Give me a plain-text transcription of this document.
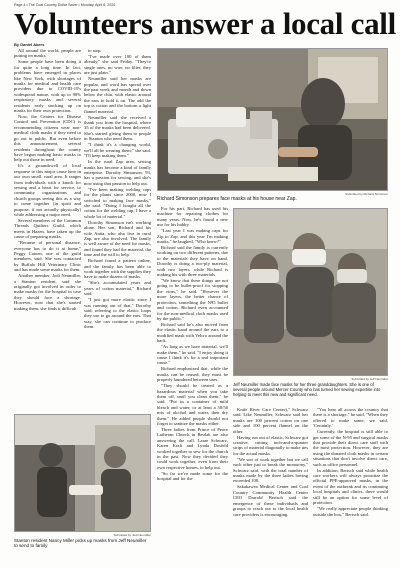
Page 4 • The Coal Country Dollar Saver • Monday, April 6, 2020
Volunteers answer a local call
By Daniel Akers

All around the world, people are putting on masks.

Some people have been doing it for quite a long time. In fact, problems have emerged in places like New York, with shortages of masks for medical and health care providers due to COVID-19's widespread nature, with up to 90% respiratory masks and several residents early stocking up on masks for their own protection.

Now, the Centers for Disease Control and Prevention (CDC) is recommending citizens wear non-medical cloth masks if they need to go out in public. But even before this announcement, several residents throughout the county have begun making basic masks to help out those in need.

It's a groundswell of local response to this major cause here in our own small, rural area. It ranges from individuals with a knack for sewing and a heart for service, to community organizations and church groups seeing this as a way to come together (in spirit and purpose, if not actually physically) while addressing a major need.

Several members of the Common Threads Quilters Guild, which meets in Hazen, have taken up the cause of preparing masks.

"Because of personal distance, everyone has to do it at home," Peggy Catoen, one of the guild members, said. She was contacted by Buffalo Hill Veterinary Clinic and has made some masks for them.

Another member, Jodi Neumiller, a Stanton resident, said she originally got involved in order to make masks for the hospital in case they should face a shortage. However, now that she's started making them, she finds it difficult

to stop.

"I've made over 100 of them already," she said Friday. "They're single ones, no wire, no filter, they are just plain."

Neumiller said her masks are popular, and word has spread over the past week and month and down below the chin, with elastic around the ears to hold it on. The add the top is cotton and the bottom a light flannel material.

Neumiller said she received a thank you from the hospital, where 35 of the masks had been delivered. She's started giving them to people in Stanton who need them.

"I think it's a changing world, we'll all be wearing them," she said. "I'll keep making them."

In the rural Zap area, sewing masks has become a kind of family enterprise. Dorothy Simonson, 93, has a passion for sewing, and she's now using that passion to help out.

"I've been making welding caps for the plants since 2000, now I switched to making face masks," she said. "Doing I bought all the cotton for the welding cap, I have a whole lot of material."

Dorothy Simonson isn't working alone. Her son, Richard and his wife Anita, who also live in rural Zap, are also involved. The family is well aware of the need for masks, and found they had the material, the time and the will to help.

Richard found a pattern online, and the family has been able to work together with the supplies they have to make dozens of masks.

"She's accumulated years and years of cotton material," Richard said.

"I just got more elastic since I was running out of that," Dorothy said, referring to the elastic loops they use to go around the ears. That way, she can continue to produce them.

Submitted by Richard Simonson
Richard Simonson prepares face masks at his house near Zap.

For his part, Richard has used his machine for repairing clothes for many years. Now, he's found a new use for his hobby.

"Last year I was making caps for Zip to Zap, and this year I'm making masks," he laughed. "Who knew?"

Richard said the family is currently working on two different patterns, due to the materials they have on hand. Dorothy is doing a two-ply material, with two layers, while Richard is making his with three materials.

"We know that these things are not going to be bullet-proof for stopping the virus," he said. "However the more layers, the better chance of protection, something the N95 bullet and cotton. Richard even accounted for the non-medical cloth masks used by the public."

Richard said he's also moved from the elastic band around the ears to a modified mask with Velcro around the back.

"As long as we have material, we'll make them," he said. "I enjoy doing it cause I think it's for a real important cause."

Richard emphasized that, while the masks can be reused, they must be properly laundered between uses.

"They should be treated as a hazardous material when you take them off, until you clean them," he said. "Put in a container of mild bleach and water, or at least a 50/50 mix of alcohol and water, then dry them." He added people should not forget to sanitize the masks either.

Three ladies from Prince of Peace Lutheran Church in Beulah are also answering the call. Larae Schwarz, Karen Kraft and Lynda Dosfeld worked together to sew for the church in the past. Now they decided they could work together, even from their own respective homes, to help out.

"So far we've made some for the hospital and for the

Submitted by Jeff Neumiller
Jeff Neumiller made face masks for her three granddaughters. She is one of several people around Mercer County who has turned her sewing expertise into helping to meet this new and significant need.

Knife River Care Center)," Schwarz said. Like Neumiller, Schwarz said her masks are 100 percent cotton on one side and 100 percent flannel on the other.

Having run out of elastic, Schwarz got creative, cutting inch-and-a-quarter strips of material diagonally to make ties for the actual masks.

"We sort of work together but we call each other just to break the monotony," Schwarz said, with the total number of masks made by the three ladies having exceeded 100.

Sakakawea Medical Center and Coal Country Community Health Center CEO Darrold Bertsch said the emergence of these individuals and groups to reach out to the local health care providers is encouraging.

"You hear all across the country that there is a shortage," he said. "When they offered to make some, we said, 'Certainly.'

Currently, the hospital is still able to get some of the N-95 and surgical masks that provide their direct care staff with the most protection. However, they are using the donated cloth masks in certain situations that don't involve direct care, such as office personnel.

In addition, Bertsch said while health care workers will always prioritize the official PPE-approved masks, in the event of the outbreak and its continuing local hospitals and clinics, there would still be an option for some level of protection.

"We really appreciate people thinking outside the box," Bertsch said.

Submitted by Jodi Neumiller
Stanton resident Nancy Miller picks up masks from Jeff Neumiller to send to family
